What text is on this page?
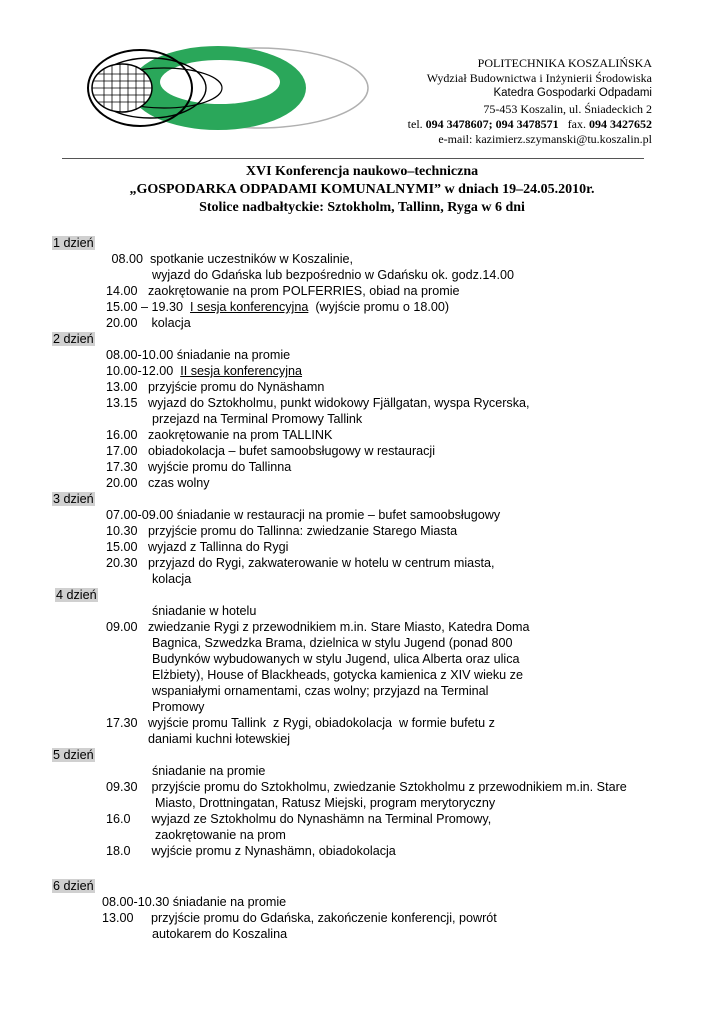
POLITECHNIKA KOSZALIŃSKA
Wydział Budownictwa i Inżynierii Środowiska
Katedra Gospodarki Odpadami
75-453 Koszalin, ul. Śniadeckich 2
tel. 094 3478607; 094 3478571   fax. 094 3427652
e-mail: kazimierz.szymanski@tu.koszalin.pl
XVI Konferencja naukowo–techniczna
„GOSPODARKA ODPADAMI KOMUNALNYMI” w dniach 19–24.05.2010r.
Stolice nadbałtyckie: Sztokholm, Tallinn, Ryga w 6 dni
1 dzień
08.00  spotkanie uczestników w Koszalinie,
wyjazd do Gdańska lub bezpośrednio w Gdańsku ok. godz.14.00
14.00   zaokrętowanie na prom POLFERRIES, obiad na promie
15.00 – 19.30  I sesja konferencyjna  (wyjście promu o 18.00)
20.00    kolacja
2 dzień
08.00-10.00 śniadanie na promie
10.00-12.00  II sesja konferencyjna
13.00   przyjście promu do Nynäshamn
13.15   wyjazd do Sztokholmu, punkt widokowy Fjällgatan, wyspa Rycerska,
przejazd na Terminal Promowy Tallink
16.00   zaokrętowanie na prom TALLINK
17.00   obiadokolacja – bufet samoobsługowy w restauracji
17.30   wyjście promu do Tallinna
20.00   czas wolny
3 dzień
07.00-09.00 śniadanie w restauracji na promie – bufet samoobsługowy
10.30   przyjście promu do Tallinna: zwiedzanie Starego Miasta
15.00   wyjazd z Tallinna do Rygi
20.30   przyjazd do Rygi, zakwaterowanie w hotelu w centrum miasta,
kolacja
4 dzień
śniadanie w hotelu
09.00   zwiedzanie Rygi z przewodnikiem m.in. Stare Miasto, Katedra Doma
Bagnica, Szwedzka Brama, dzielnica w stylu Jugend (ponad 800
Budynków wybudowanych w stylu Jugend, ulica Alberta oraz ulica
Elżbiety), House of Blackheads, gotycka kamienica z XIV wieku ze
wspaniałymi ornamentami, czas wolny; przyjazd na Terminal
Promowy
17.30   wyjście promu Tallink  z Rygi, obiadokolacja  w formie bufetu z
daniami kuchni łotewskiej
5 dzień
śniadanie na promie
09.30    przyjście promu do Sztokholmu, zwiedzanie Sztokholmu z przewodnikiem m.in. Stare
Miasto, Drottningatan, Ratusz Miejski, program merytoryczny
16.0      wyjazd ze Sztokholmu do Nynashämn na Terminal Promowy,
zaokrętowanie na prom
18.0      wyjście promu z Nynashämn, obiadokolacja
6 dzień
08.00-10.30 śniadanie na promie
13.00     przyjście promu do Gdańska, zakończenie konferencji, powrót
autokarem do Koszalina
